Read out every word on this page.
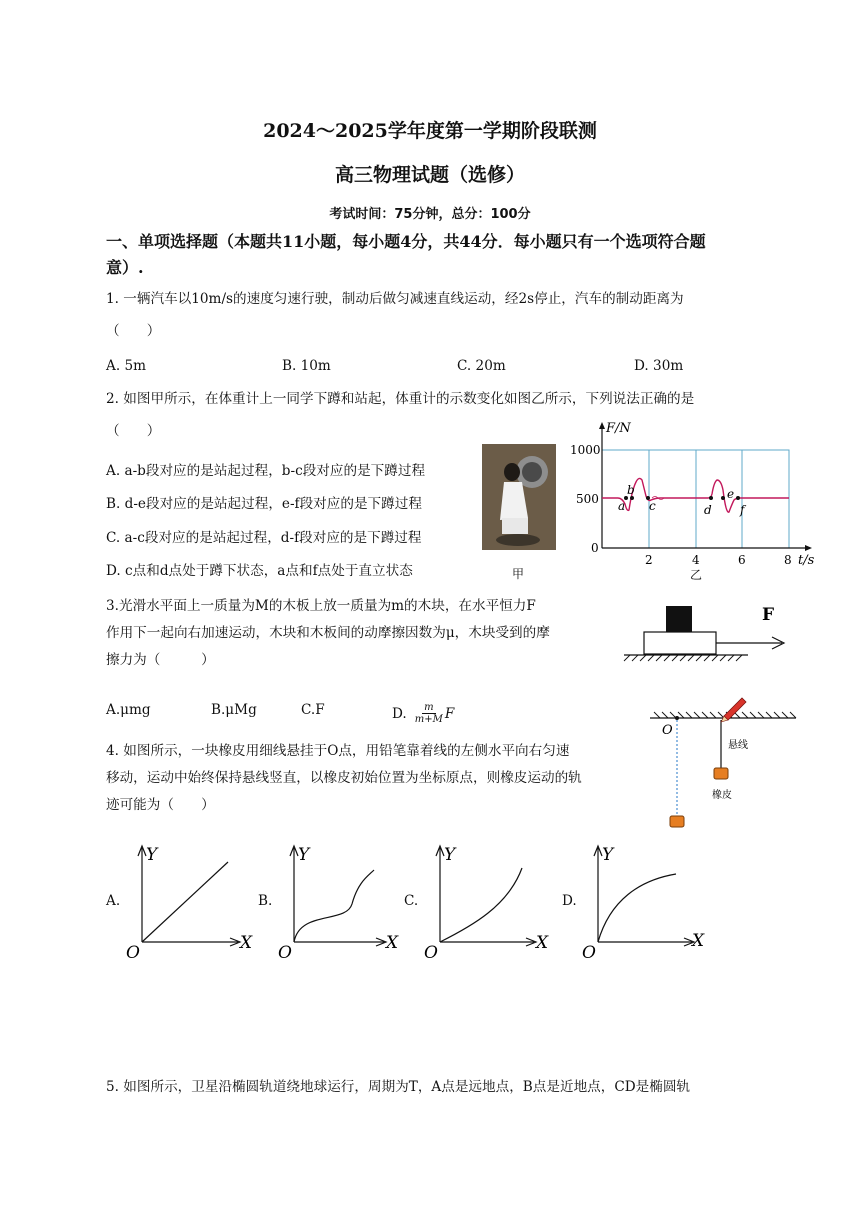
2024～2025学年度第一学期阶段联测
高三物理试题（选修）
考试时间：75分钟，总分：100分
一、单项选择题（本题共11小题，每小题4分，共44分．每小题只有一个选项符合题
意）.
1. 一辆汽车以10m/s的速度匀速行驶，制动后做匀减速直线运动，经2s停止，汽车的制动距离为
（　　）
A. 5m	B. 10m	C. 20m	D. 30m
2. 如图甲所示，在体重计上一同学下蹲和站起，体重计的示数变化如图乙所示，下列说法正确的是
（　　）
A. a-b段对应的是站起过程，b-c段对应的是下蹲过程
B. d-e段对应的是站起过程，e-f段对应的是下蹲过程
C. a-c段对应的是站起过程，d-f段对应的是下蹲过程
D. c点和d点处于蹲下状态，a点和f点处于直立状态	甲
F/N
t/s
1000
500
0
2	4	6	8
a
b
c	d
e
f
乙
3.光滑水平面上一质量为M的木板上放一质量为m的木块，在水平恒力F
作用下一起向右加速运动，木块和木板间的动摩擦因数为μ，木块受到的摩
擦力为（　　　）
F
A.μmg	B.μMg	C.F	D. m
m+M F
4. 如图所示，一块橡皮用细线悬挂于O点，用铅笔靠着线的左侧水平向右匀速
移动，运动中始终保持悬线竖直，以橡皮初始位置为坐标原点，则橡皮运动的轨
迹可能为（　　）
O
悬线
橡皮
A.
Y
X
O
B.
Y
X
O
C.
Y
X
O
D.
Y
X
O
5. 如图所示，卫星沿椭圆轨道绕地球运行，周期为T，A点是远地点，B点是近地点，CD是椭圆轨
